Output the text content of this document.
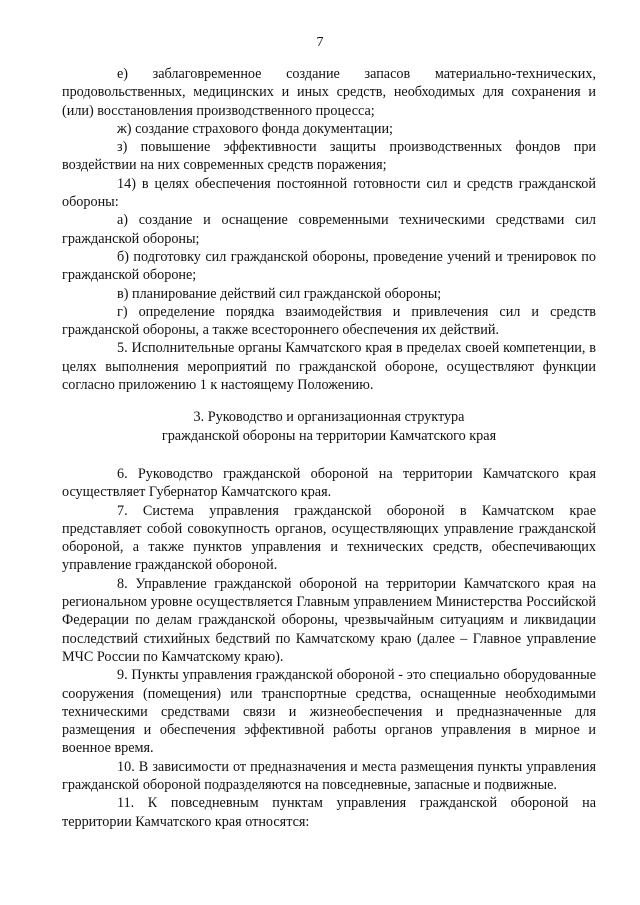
7

е) заблаговременное создание запасов материально-технических, продовольственных, медицинских и иных средств, необходимых для сохранения и (или) восстановления производственного процесса;

ж) создание страхового фонда документации;

з) повышение эффективности защиты производственных фондов при воздействии на них современных средств поражения;

14) в целях обеспечения постоянной готовности сил и средств гражданской обороны:

а) создание и оснащение современными техническими средствами сил гражданской обороны;

б) подготовку сил гражданской обороны, проведение учений и тренировок по гражданской обороне;

в) планирование действий сил гражданской обороны;

г) определение порядка взаимодействия и привлечения сил и средств гражданской обороны, а также всестороннего обеспечения их действий.

5. Исполнительные органы Камчатского края в пределах своей компетенции, в целях выполнения мероприятий по гражданской обороне, осуществляют функции согласно приложению 1 к настоящему Положению.

3. Руководство и организационная структура
гражданской обороны на территории Камчатского края

6. Руководство гражданской обороной на территории Камчатского края осуществляет Губернатор Камчатского края.

7. Система управления гражданской обороной в Камчатском крае представляет собой совокупность органов, осуществляющих управление гражданской обороной, а также пунктов управления и технических средств, обеспечивающих управление гражданской обороной.

8. Управление гражданской обороной на территории Камчатского края на региональном уровне осуществляется Главным управлением Министерства Российской Федерации по делам гражданской обороны, чрезвычайным ситуациям и ликвидации последствий стихийных бедствий по Камчатскому краю (далее – Главное управление МЧС России по Камчатскому краю).

9. Пункты управления гражданской обороной - это специально оборудованные сооружения (помещения) или транспортные средства, оснащенные необходимыми техническими средствами связи и жизнеобеспечения и предназначенные для размещения и обеспечения эффективной работы органов управления в мирное и военное время.

10. В зависимости от предназначения и места размещения пункты управления гражданской обороной подразделяются на повседневные, запасные и подвижные.

11. К повседневным пунктам управления гражданской обороной на территории Камчатского края относятся:
